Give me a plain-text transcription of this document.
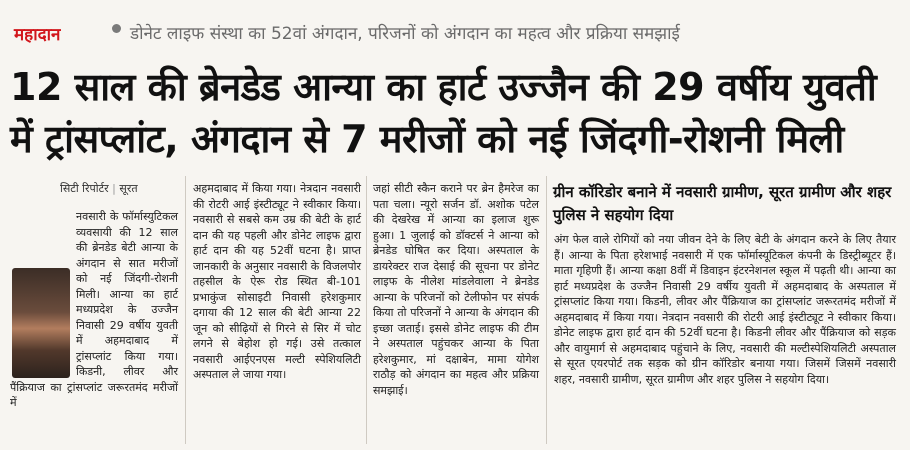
महादान	डोनेट लाइफ संस्था का 52वां अंगदान, परिजनों को अंगदान का महत्व और प्रक्रिया समझाई
12 साल की ब्रेनडेड आन्या का हार्ट उज्जैन की 29 वर्षीय युवती
में ट्रांसप्लांट, अंगदान से 7 मरीजों को नई जिंदगी-रोशनी मिली
सिटी रिपोर्टर | सूरत
नवसारी के फॉर्मास्युटिकल व्यवसायी की 12 साल की ब्रेनडेड बेटी आन्या के अंगदान से सात मरीजों को नई जिंदगी-रोशनी मिली। आन्या का हार्ट मध्यप्रदेश के उज्जैन निवासी 29 वर्षीय युवती में अहमदाबाद में ट्रांसप्लांट किया गया। किडनी, लीवर और पैंक्रियाज का ट्रांसप्लांट जरूरतमंद मरीजों में
अहमदाबाद में किया गया। नेत्रदान नवसारी की रोटरी आई इंस्टीट्यूट ने स्वीकार किया। नवसारी से सबसे कम उम्र की बेटी के हार्ट दान की यह पहली और डोनेट लाइफ द्वारा हार्ट दान की यह 52वीं घटना है। प्राप्त जानकारी के अनुसार नवसारी के विजलपोर तहसील के ऐरू रोड स्थित बी-101 प्रभाकुंज सोसाइटी निवासी हरेशकुमार दगाया की 12 साल की बेटी आन्या 22 जून को सीढ़ियों से गिरने से सिर में चोट लगने से बेहोश हो गई। उसे तत्काल नवसारी आईएनएस मल्टी स्पेशियलिटी अस्पताल ले जाया गया।
जहां सीटी स्कैन कराने पर ब्रेन हैमरेज का पता चला। न्यूरो सर्जन डॉ. अशोक पटेल की देखरेख में आन्या का इलाज शुरू हुआ। 1 जुलाई को डॉक्टर्स ने आन्या को ब्रेनडेड घोषित कर दिया। अस्पताल के डायरेक्टर राज देसाई की सूचना पर डोनेट लाइफ के नीलेश मांडलेवाला ने ब्रेनडेड आन्या के परिजनों को टेलीफोन पर संपर्क किया तो परिजनों ने आन्या के अंगदान की इच्छा जताई। इससे डोनेट लाइफ की टीम ने अस्पताल पहुंचकर आन्या के पिता हरेशकुमार, मां दक्षाबेन, मामा योगेश राठौड़ को अंगदान का महत्व और प्रक्रिया समझाई।
ग्रीन कॉरिडोर बनाने में नवसारी ग्रामीण, सूरत ग्रामीण और शहर पुलिस ने सहयोग दिया
अंग फेल वाले रोगियों को नया जीवन देने के लिए बेटी के अंगदान करने के लिए तैयार हैं। आन्या के पिता हरेशभाई नवसारी में एक फॉर्मास्यूटिकल कंपनी के डिस्ट्रीब्यूटर हैं। माता गृहिणी हैं। आन्या कक्षा 8वीं में डिवाइन इंटरनेशनल स्कूल में पढ़ती थी। आन्या का हार्ट मध्यप्रदेश के उज्जैन निवासी 29 वर्षीय युवती में अहमदाबाद के अस्पताल में ट्रांसप्लांट किया गया। किडनी, लीवर और पैंक्रियाज का ट्रांसप्लांट जरूरतमंद मरीजों में अहमदाबाद में किया गया। नेत्रदान नवसारी की रोटरी आई इंस्टीट्यूट ने स्वीकार किया। डोनेट लाइफ द्वारा हार्ट दान की 52वीं घटना है। किडनी लीवर और पैंक्रियाज को सड़क और वायुमार्ग से अहमदाबाद पहुंचाने के लिए, नवसारी की मल्टीस्पेशियलिटी अस्पताल से सूरत एयरपोर्ट तक सड़क को ग्रीन कॉरिडोर बनाया गया। जिसमें जिसमें नवसारी शहर, नवसारी ग्रामीण, सूरत ग्रामीण और शहर पुलिस ने सहयोग दिया।
